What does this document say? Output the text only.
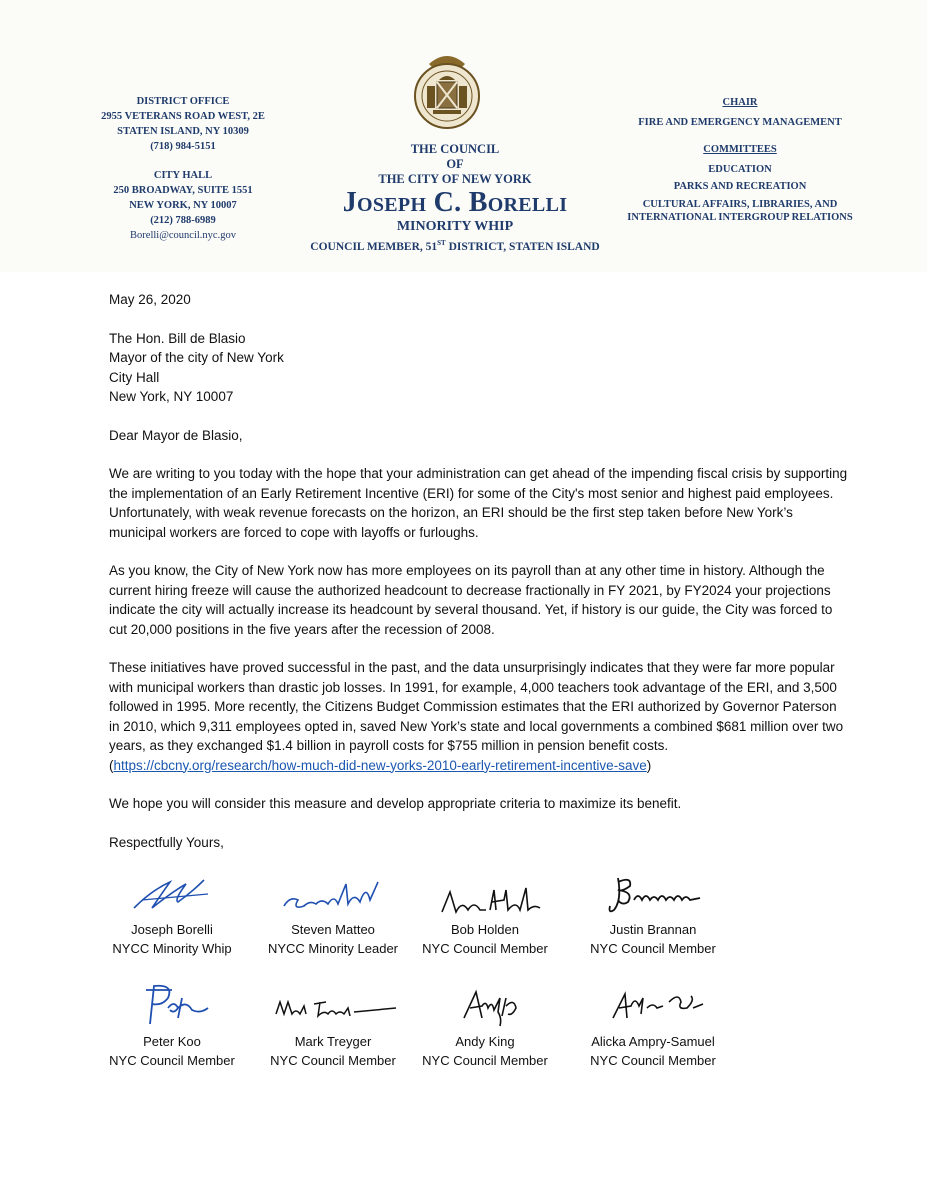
DISTRICT OFFICE
2955 VETERANS ROAD WEST, 2E
STATEN ISLAND, NY 10309
(718) 984-5151
CITY HALL
250 BROADWAY, SUITE 1551
NEW YORK, NY 10007
(212) 788-6989
Borelli@council.nyc.gov
THE COUNCIL
OF
THE CITY OF NEW YORK
Joseph C. Borelli
MINORITY WHIP
COUNCIL MEMBER, 51ST DISTRICT, STATEN ISLAND
CHAIR
FIRE AND EMERGENCY MANAGEMENT
COMMITTEES
EDUCATION
PARKS AND RECREATION
CULTURAL AFFAIRS, LIBRARIES, AND INTERNATIONAL INTERGROUP RELATIONS

May 26, 2020

The Hon. Bill de Blasio

Mayor of the city of New York

City Hall

New York, NY 10007

Dear Mayor de Blasio,

We are writing to you today with the hope that your administration can get ahead of the impending fiscal crisis by supporting the implementation of an Early Retirement Incentive (ERI) for some of the City's most senior and highest paid employees. Unfortunately, with weak revenue forecasts on the horizon, an ERI should be the first step taken before New York’s municipal workers are forced to cope with layoffs or furloughs.

As you know, the City of New York now has more employees on its payroll than at any other time in history. Although the current hiring freeze will cause the authorized headcount to decrease fractionally in FY 2021, by FY2024 your projections indicate the city will actually increase its headcount by several thousand. Yet, if history is our guide, the City was forced to cut 20,000 positions in the five years after the recession of 2008.

These initiatives have proved successful in the past, and the data unsurprisingly indicates that they were far more popular with municipal workers than drastic job losses. In 1991, for example, 4,000 teachers took advantage of the ERI, and 3,500 followed in 1995. More recently, the Citizens Budget Commission estimates that the ERI authorized by Governor Paterson in 2010, which 9,311 employees opted in, saved New York’s state and local governments a combined $681 million over two years, as they exchanged $1.4 billion in payroll costs for $755 million in pension benefit costs. (https://cbcny.org/research/how-much-did-new-yorks-2010-early-retirement-incentive-save)

We hope you will consider this measure and develop appropriate criteria to maximize its benefit.

Respectfully Yours,

Joseph Borelli
NYCC Minority Whip
Steven Matteo
NYCC Minority Leader
Bob Holden
NYC Council Member
Justin Brannan
NYC Council Member
Peter Koo
NYC Council Member
Mark Treyger
NYC Council Member
Andy King
NYC Council Member
Alicka Ampry-Samuel
NYC Council Member
